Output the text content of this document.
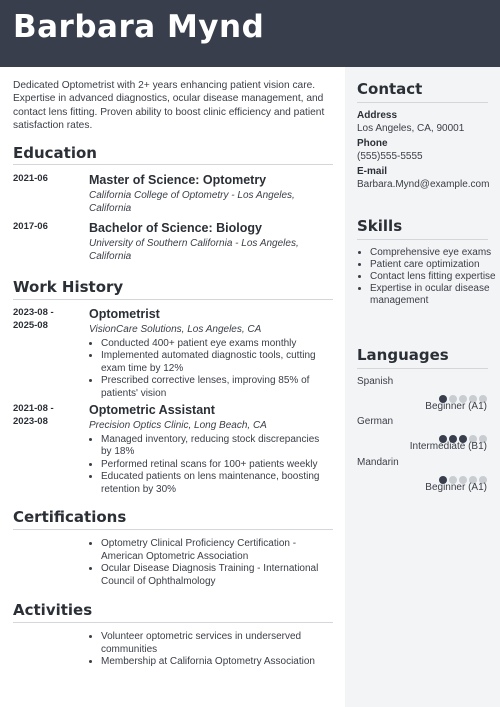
Barbara Mynd
Contact
Address
Los Angeles, CA, 90001
Phone
(555)555-5555
E-mail
Barbara.Mynd@example.com
Skills
• Comprehensive eye exams
• Patient care optimization
• Contact lens fitting expertise
• Expertise in ocular disease management
Languages
Spanish
Beginner (A1)
German
Intermediate (B1)
Mandarin
Beginner (A1)
Dedicated Optometrist with 2+ years enhancing patient vision care. Expertise in advanced diagnostics, ocular disease management, and contact lens fitting. Proven ability to boost clinic efficiency and patient satisfaction rates.
Education
2021-06	Master of Science: Optometry
California College of Optometry - Los Angeles, California
2017-06	Bachelor of Science: Biology
University of Southern California - Los Angeles, California
Work History
2023-08 -
2025-08
Optometrist
VisionCare Solutions, Los Angeles, CA
• Conducted 400+ patient eye exams monthly
• Implemented automated diagnostic tools, cutting exam time by 12%
• Prescribed corrective lenses, improving 85% of patients' vision
2021-08 -
2023-08
Optometric Assistant
Precision Optics Clinic, Long Beach, CA
• Managed inventory, reducing stock discrepancies by 18%
• Performed retinal scans for 100+ patients weekly
• Educated patients on lens maintenance, boosting retention by 30%
Certifications
• Optometry Clinical Proficiency Certification - American Optometric Association
• Ocular Disease Diagnosis Training - International Council of Ophthalmology
Activities
• Volunteer optometric services in underserved communities
• Membership at California Optometry Association
